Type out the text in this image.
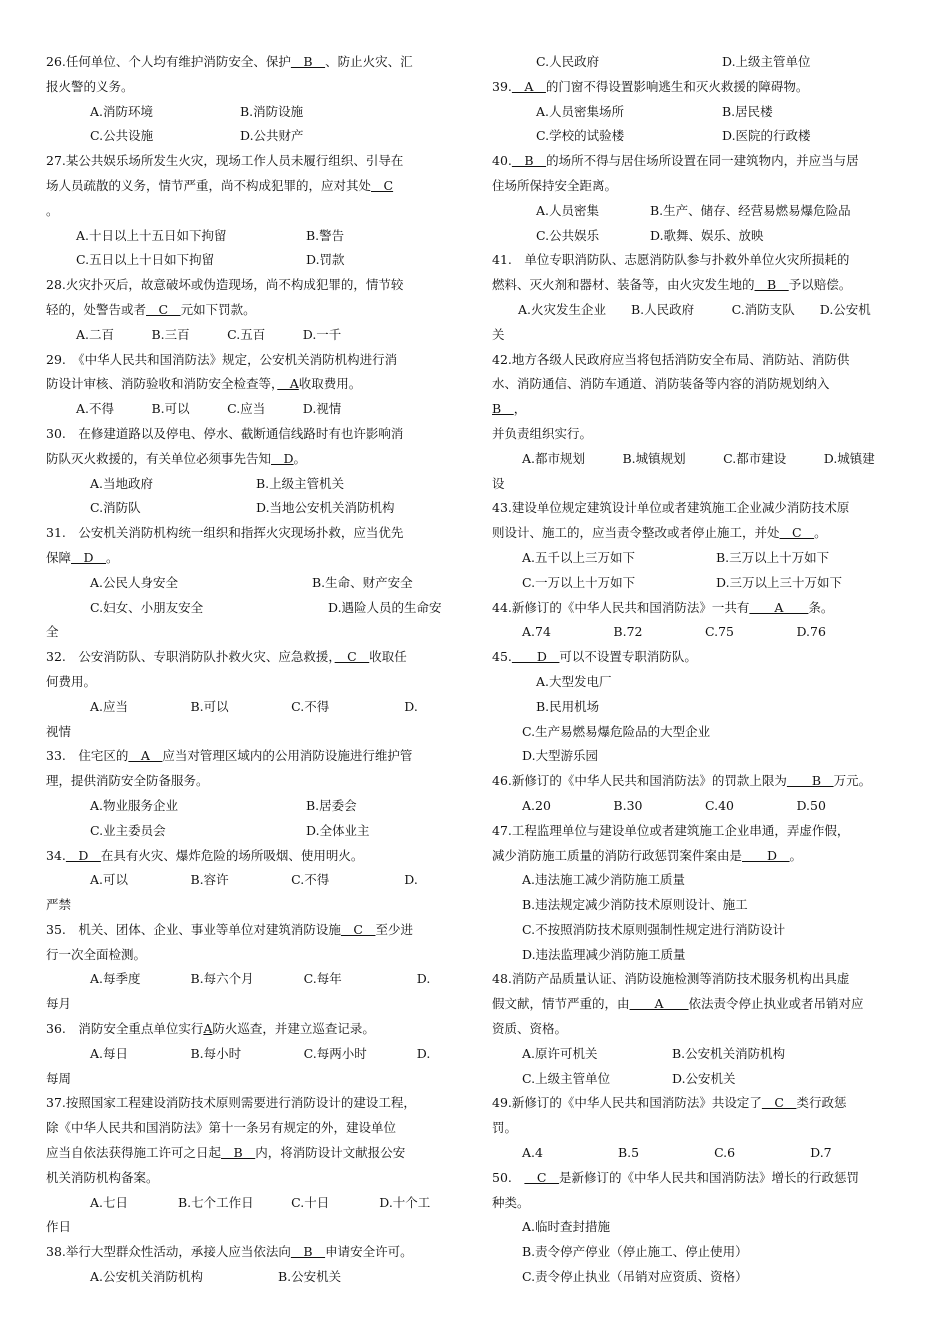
26.任何单位、个人均有维护消防安全、保护　B　、防止火灾、汇
报火警的义务。
A.消防环境	B.消防设施
C.公共设施	D.公共财产
27.某公共娱乐场所发生火灾，现场工作人员未履行组织、引导在
场人员疏散的义务，情节严重，尚不构成犯罪的，应对其处　C
。
A.十日以上十五日如下拘留	B.警告
C.五日以上十日如下拘留	D.罚款
28.火灾扑灭后，故意破坏或伪造现场，尚不构成犯罪的，情节较
轻的，处警告或者　C　元如下罚款。
A.二百　　　B.三百　　　C.五百　　　D.一千
29.　《中华人民共和国消防法》规定，公安机关消防机构进行消
防设计审核、消防验收和消防安全检查等，　A收取费用。
A.不得　　　B.可以　　　C.应当　　　D.视情
30.　在修建道路以及停电、停水、截断通信线路时有也许影响消
防队灭火救援的，有关单位必须事先告知　D。
A.当地政府	B.上级主管机关
C.消防队	D.当地公安机关消防机构
31.　公安机关消防机构统一组织和指挥火灾现场扑救，应当优先
保障　D　。
A.公民人身安全	B.生命、财产安全
C.妇女、小朋友安全	D.遇险人员的生命安
全
32.　公安消防队、专职消防队扑救火灾、应急救援，　C　收取任
何费用。
A.应当　　　　　B.可以　　　　　C.不得　　　　　　D.
视情
33.　住宅区的　A　应当对管理区域内的公用消防设施进行维护管
理，提供消防安全防备服务。
A.物业服务企业	B.居委会
C.业主委员会	D.全体业主
34.　D　在具有火灾、爆炸危险的场所吸烟、使用明火。
A.可以　　　　　B.容许　　　　　C.不得　　　　　　D.
严禁
35.　机关、团体、企业、事业等单位对建筑消防设施　C　至少进
行一次全面检测。
A.每季度　　　　B.每六个月　　　　C.每年　　　　　　D.
每月
36.　消防安全重点单位实行A防火巡查，并建立巡查记录。
A.每日　　　　　B.每小时　　　　　C.每两小时　　　　D.
每周
37.按照国家工程建设消防技术原则需要进行消防设计的建设工程，
除《中华人民共和国消防法》第十一条另有规定的外，建设单位
应当自依法获得施工许可之日起　B　内，将消防设计文献报公安
机关消防机构备案。
A.七日　　　　B.七个工作日　　　C.十日　　　　D.十个工
作日
38.举行大型群众性活动，承接人应当依法向　B　申请安全许可。
A.公安机关消防机构	B.公安机关
C.人民政府	D.上级主管单位
39.　A　的门窗不得设置影响逃生和灭火救援的障碍物。
A.人员密集场所	B.居民楼
C.学校的试验楼	D.医院的行政楼
40.　B　的场所不得与居住场所设置在同一建筑物内，并应当与居
住场所保持安全距离。
A.人员密集	B.生产、储存、经营易燃易爆危险品
C.公共娱乐	D.歌舞、娱乐、放映
41.　单位专职消防队、志愿消防队参与扑救外单位火灾所损耗的
燃料、灭火剂和器材、装备等，由火灾发生地的　B　予以赔偿。
A.火灾发生企业　　B.人民政府　　　C.消防支队　　D.公安机
关
42.地方各级人民政府应当将包括消防安全布局、消防站、消防供
水、消防通信、消防车通道、消防装备等内容的消防规划纳入
B　，
并负责组织实行。
A.都市规划　　　B.城镇规划　　　C.都市建设　　　D.城镇建
设
43.建设单位规定建筑设计单位或者建筑施工企业减少消防技术原
则设计、施工的，应当责令整改或者停止施工，并处　C　。
A.五千以上三万如下	B.三万以上十万如下
C.一万以上十万如下	D.三万以上三十万如下
44.新修订的《中华人民共和国消防法》一共有　　A　　条。
A.74　　　　　B.72　　　　　C.75　　　　　D.76
45.　　D　可以不设置专职消防队。
A.大型发电厂
B.民用机场
C.生产易燃易爆危险品的大型企业
D.大型游乐园
46.新修订的《中华人民共和国消防法》的罚款上限为　　B　万元。
A.20　　　　　B.30　　　　　C.40　　　　　D.50
47.工程监理单位与建设单位或者建筑施工企业串通，弄虚作假，
减少消防施工质量的消防行政惩罚案件案由是　　D　。
A.违法施工减少消防施工质量
B.违法规定减少消防技术原则设计、施工
C.不按照消防技术原则强制性规定进行消防设计
D.违法监理减少消防施工质量
48.消防产品质量认证、消防设施检测等消防技术服务机构出具虚
假文献，情节严重的，由　　A　　依法责令停止执业或者吊销对应
资质、资格。
A.原许可机关	B.公安机关消防机构
C.上级主管单位	D.公安机关
49.新修订的《中华人民共和国消防法》共设定了　C　类行政惩
罚。
A.4　　　　　　B.5　　　　　　C.6　　　　　　D.7
50.　　C　是新修订的《中华人民共和国消防法》增长的行政惩罚
种类。
A.临时查封措施
B.责令停产停业（停止施工、停止使用）
C.责令停止执业（吊销对应资质、资格）
